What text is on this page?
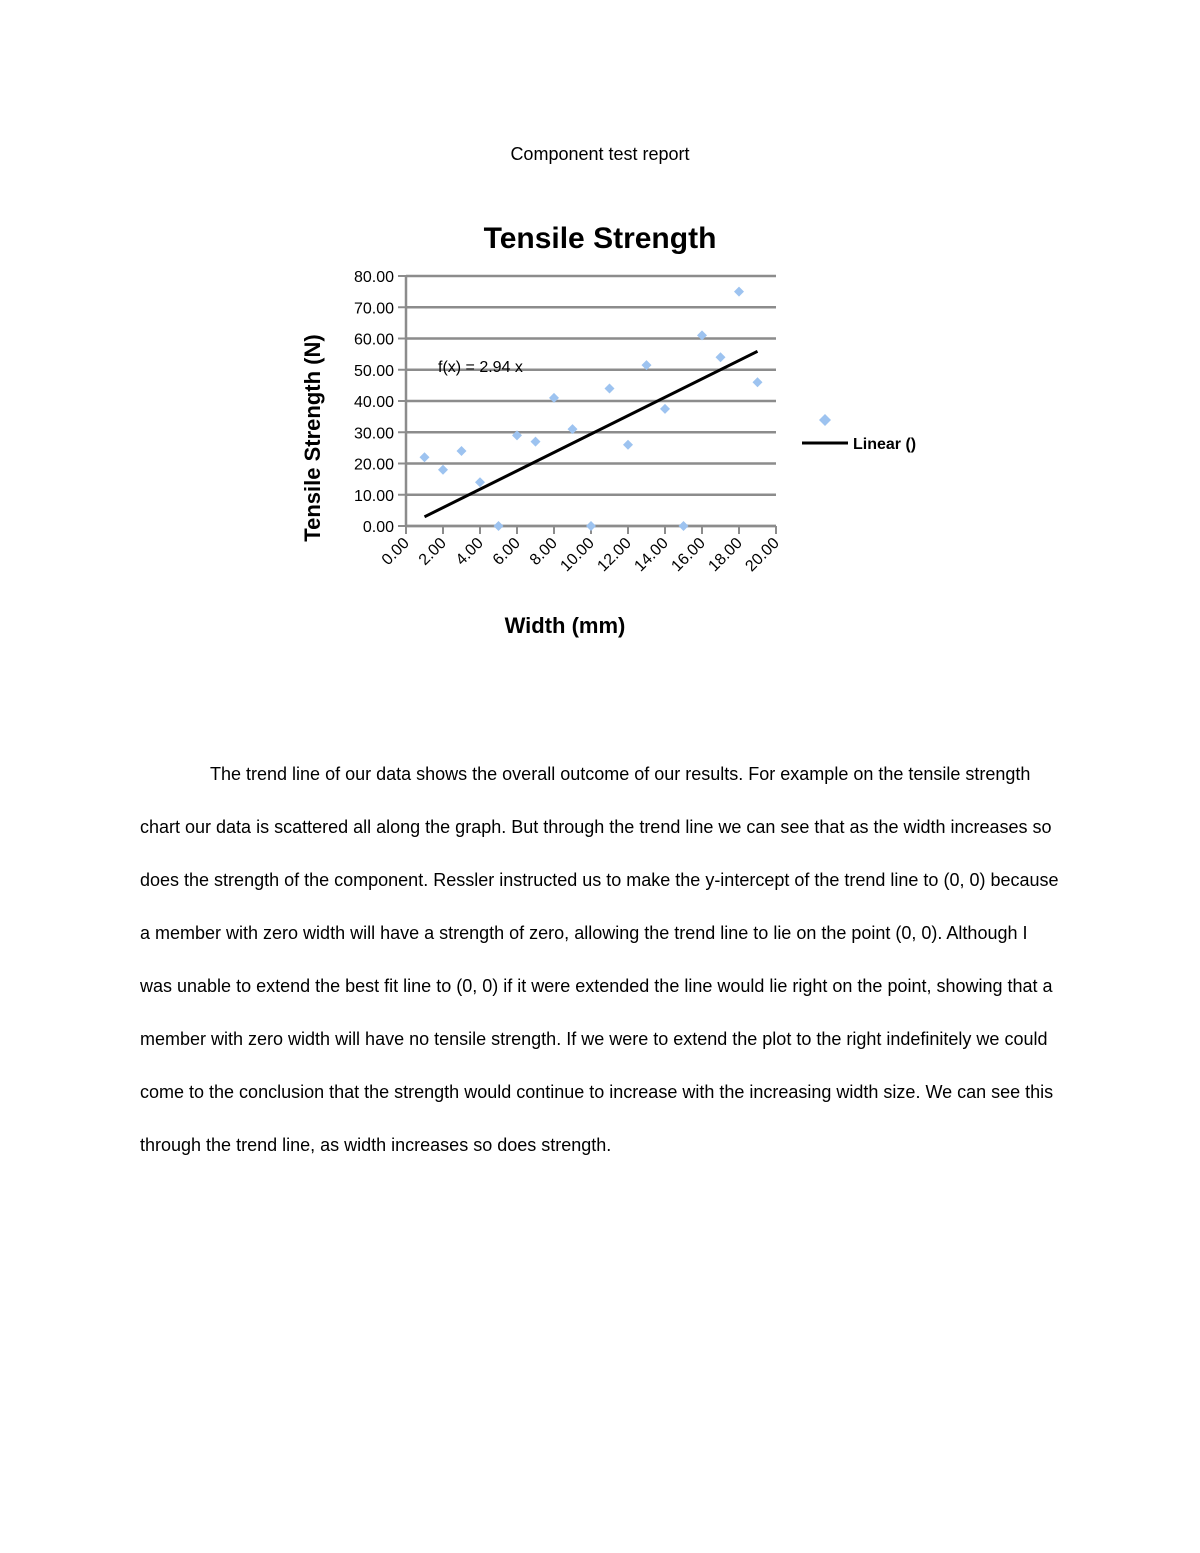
Component test report
Tensile Strength
0.00
10.00
20.00
30.00
40.00
50.00
60.00
70.00
80.00
0.00 2.00 4.00 6.00 8.00
10.00
12.00
14.00
16.00
18.00
20.00
f(x) = 2.94 x
Tensile Strength (N)
Width (mm)
Linear ()

The trend line of our data shows the overall outcome of our results. For example on the tensile strength chart our data is scattered all along the graph. But through the trend line we can see that as the width increases so does the strength of the component. Ressler instructed us to make the y-intercept of the trend line to (0, 0) because a member with zero width will have a strength of zero, allowing the trend line to lie on the point (0, 0). Although I was unable to extend the best fit line to (0, 0) if it were extended the line would lie right on the point, showing that a member with zero width will have no tensile strength. If we were to extend the plot to the right indefinitely we could come to the conclusion that the strength would continue to increase with the increasing width size. We can see this through the trend line, as width increases so does strength.
